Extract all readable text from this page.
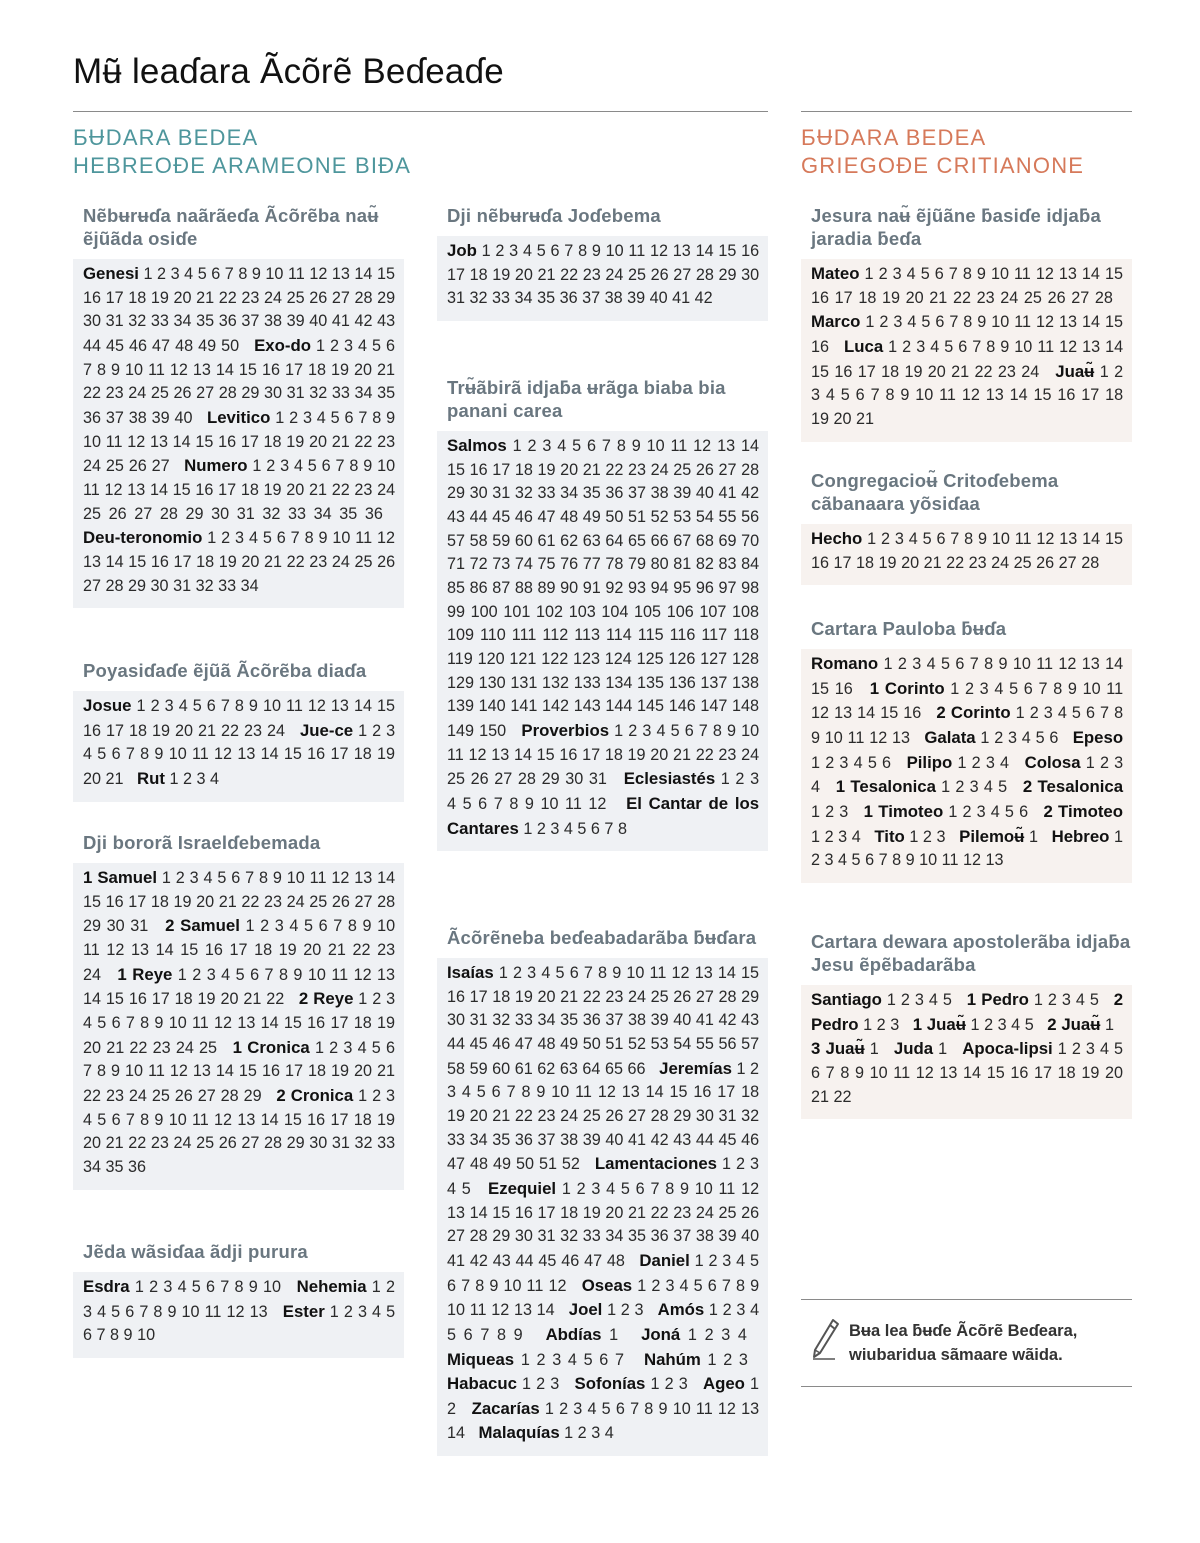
Mʉ̃ leaɗara Ãcõrẽ Beɗeaɗe
ƂɄDARA BEDEA
HEBREOƉE ARAMEONE BIƉA
ƂɄDARA BEDEA
GRIEGOƉE CRITIANONE
Nẽbʉrʉɗa naãrãeɗa Ãcõrẽba naʉ̃ ẽjũãda osiɗe
Genesi 1 2 3 4 5 6 7 8 9 10 11 12 13 14 15 16 17 18 19 20 21 22 23 24 25 26 27 28 29 30 31 32 33 34 35 36 37 38 39 40 41 42 43 44 45 46 47 48 49 50 Exo-do 1 2 3 4 5 6 7 8 9 10 11 12 13 14 15 16 17 18 19 20 21 22 23 24 25 26 27 28 29 30 31 32 33 34 35 36 37 38 39 40 Levitico 1 2 3 4 5 6 7 8 9 10 11 12 13 14 15 16 17 18 19 20 21 22 23 24 25 26 27 Numero 1 2 3 4 5 6 7 8 9 10 11 12 13 14 15 16 17 18 19 20 21 22 23 24 25 26 27 28 29 30 31 32 33 34 35 36   Deu-teronomio 1 2 3 4 5 6 7 8 9 10 11 12 13 14 15 16 17 18 19 20 21 22 23 24 25 26 27 28 29 30 31 32 33 34
Poyasiɗaɗe ẽjũã Ãcõrẽba diaɗa
Josue 1 2 3 4 5 6 7 8 9 10 11 12 13 14 15 16 17 18 19 20 21 22 23 24 Jue-ce 1 2 3 4 5 6 7 8 9 10 11 12 13 14 15 16 17 18 19 20 21 Rut 1 2 3 4
Dji bororã Israelɗebemada
1 Samuel 1 2 3 4 5 6 7 8 9 10 11 12 13 14 15 16 17 18 19 20 21 22 23 24 25 26 27 28 29 30 31 2 Samuel 1 2 3 4 5 6 7 8 9 10 11 12 13 14 15 16 17 18 19 20 21 22 23 24 1 Reye 1 2 3 4 5 6 7 8 9 10 11 12 13 14 15 16 17 18 19 20 21 22 2 Reye 1 2 3 4 5 6 7 8 9 10 11 12 13 14 15 16 17 18 19 20 21 22 23 24 25 1 Cronica 1 2 3 4 5 6 7 8 9 10 11 12 13 14 15 16 17 18 19 20 21 22 23 24 25 26 27 28 29 2 Cronica 1 2 3 4 5 6 7 8 9 10 11 12 13 14 15 16 17 18 19 20 21 22 23 24 25 26 27 28 29 30 31 32 33 34 35 36
Jẽda wãsiɗaa ãdji purura
Esdra 1 2 3 4 5 6 7 8 9 10 Nehemia 1 2 3 4 5 6 7 8 9 10 11 12 13 Ester 1 2 3 4 5 6 7 8 9 10
Dji nẽbʉrʉɗa Joɗebema
Job 1 2 3 4 5 6 7 8 9 10 11 12 13 14 15 16 17 18 19 20 21 22 23 24 25 26 27 28 29 30 31 32 33 34 35 36 37 38 39 40 41 42
Trʉ̃ãbirã idjaƃa ʉrãga biaba bia panani carea
Salmos 1 2 3 4 5 6 7 8 9 10 11 12 13 14 15 16 17 18 19 20 21 22 23 24 25 26 27 28 29 30 31 32 33 34 35 36 37 38 39 40 41 42 43 44 45 46 47 48 49 50 51 52 53 54 55 56 57 58 59 60 61 62 63 64 65 66 67 68 69 70 71 72 73 74 75 76 77 78 79 80 81 82 83 84 85 86 87 88 89 90 91 92 93 94 95 96 97 98 99 100 101 102 103 104 105 106 107 108 109 110 111 112 113 114 115 116 117 118 119 120 121 122 123 124 125 126 127 128 129 130 131 132 133 134 135 136 137 138 139 140 141 142 143 144 145 146 147 148 149 150 Proverbios 1 2 3 4 5 6 7 8 9 10 11 12 13 14 15 16 17 18 19 20 21 22 23 24 25 26 27 28 29 30 31 Eclesiastés 1 2 3 4 5 6 7 8 9 10 11 12 El Cantar de los Cantares 1 2 3 4 5 6 7 8
Ãcõrẽneba beɗeabadarãba ƃʉɗara
Isaías 1 2 3 4 5 6 7 8 9 10 11 12 13 14 15 16 17 18 19 20 21 22 23 24 25 26 27 28 29 30 31 32 33 34 35 36 37 38 39 40 41 42 43 44 45 46 47 48 49 50 51 52 53 54 55 56 57 58 59 60 61 62 63 64 65 66 Jeremías 1 2 3 4 5 6 7 8 9 10 11 12 13 14 15 16 17 18 19 20 21 22 23 24 25 26 27 28 29 30 31 32 33 34 35 36 37 38 39 40 41 42 43 44 45 46 47 48 49 50 51 52 Lamentaciones 1 2 3 4 5 Ezequiel 1 2 3 4 5 6 7 8 9 10 11 12 13 14 15 16 17 18 19 20 21 22 23 24 25 26 27 28 29 30 31 32 33 34 35 36 37 38 39 40 41 42 43 44 45 46 47 48 Daniel 1 2 3 4 5 6 7 8 9 10 11 12 Oseas 1 2 3 4 5 6 7 8 9 10 11 12 13 14 Joel 1 2 3 Amós 1 2 3 4 5 6 7 8 9 Abdías 1 Joná 1 2 3 4   Miqueas 1 2 3 4 5 6 7 Nahúm 1 2 3   Habacuc 1 2 3 Sofonías 1 2 3 Ageo 1 2 Zacarías 1 2 3 4 5 6 7 8 9 10 11 12 13 14 Malaquías 1 2 3 4
Jesura naʉ̃ ẽjũãne ƃasiɗe idjaƃa jaradia ƃeɗa
Mateo 1 2 3 4 5 6 7 8 9 10 11 12 13 14 15 16 17 18 19 20 21 22 23 24 25 26 27 28   Marco 1 2 3 4 5 6 7 8 9 10 11 12 13 14 15 16 Luca 1 2 3 4 5 6 7 8 9 10 11 12 13 14 15 16 17 18 19 20 21 22 23 24 Juaʉ̃ 1 2 3 4 5 6 7 8 9 10 11 12 13 14 15 16 17 18 19 20 21
Congregacioʉ̃ Critoɗebema cãbanaara yõsiɗaa
Hecho 1 2 3 4 5 6 7 8 9 10 11 12 13 14 15 16 17 18 19 20 21 22 23 24 25 26 27 28
Cartara Pauloba ƃʉɗa
Romano 1 2 3 4 5 6 7 8 9 10 11 12 13 14 15 16 1 Corinto 1 2 3 4 5 6 7 8 9 10 11 12 13 14 15 16 2 Corinto 1 2 3 4 5 6 7 8 9 10 11 12 13 Galata 1 2 3 4 5 6 Epeso 1 2 3 4 5 6 Pilipo 1 2 3 4 Colosa 1 2 3 4 1 Tesalonica 1 2 3 4 5 2 Tesalonica 1 2 3 1 Timoteo 1 2 3 4 5 6 2 Timoteo 1 2 3 4 Tito 1 2 3 Pilemoʉ̃ 1 Hebreo 1 2 3 4 5 6 7 8 9 10 11 12 13
Cartara dewara apostolerãba idjaƃa Jesu ẽpẽbadarãba
Santiago 1 2 3 4 5 1 Pedro 1 2 3 4 5 2 Pedro 1 2 3 1 Juaʉ̃ 1 2 3 4 5 2 Juaʉ̃ 1   3 Juaʉ̃ 1 Juda 1 Apoca-lipsi 1 2 3 4 5 6 7 8 9 10 11 12 13 14 15 16 17 18 19 20 21 22
Bʉa lea ƃʉɗe Ãcõrẽ Beɗeara, wiubaridua sãmaare wãida.
